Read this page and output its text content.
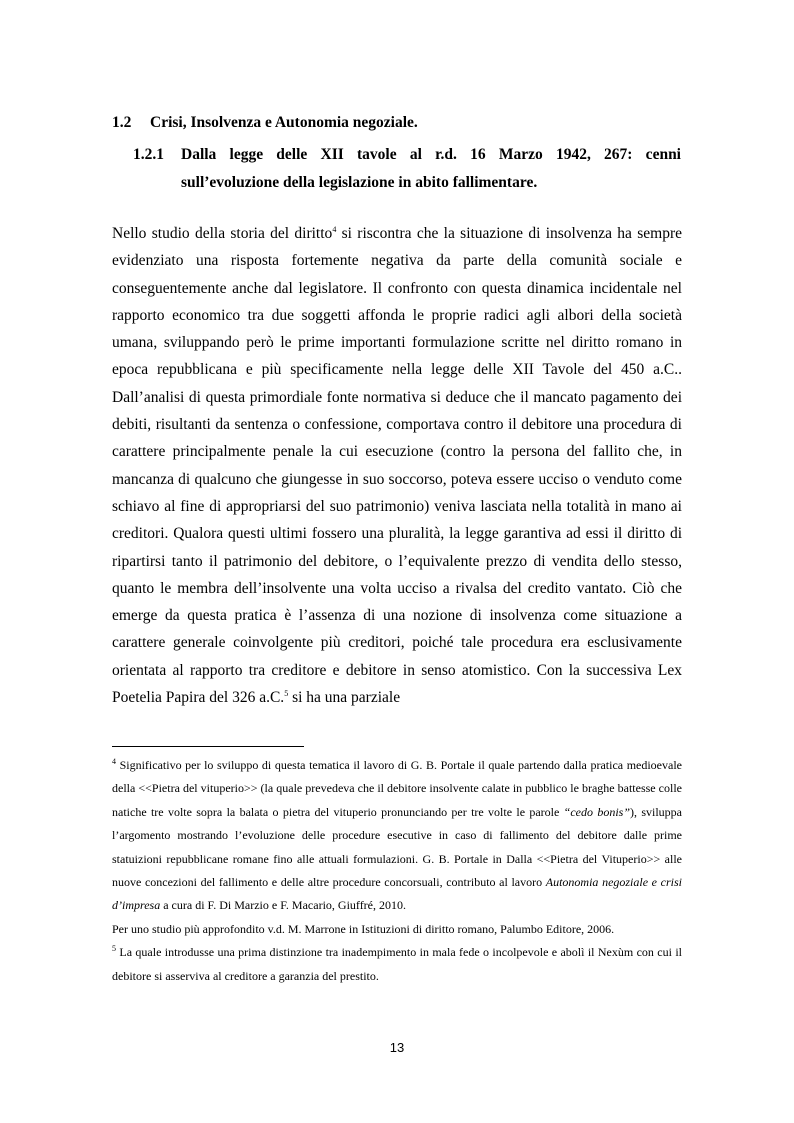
1.2 Crisi, Insolvenza e Autonomia negoziale.
1.2.1	Dalla legge delle XII tavole al r.d. 16 Marzo 1942, 267: cenni
sull’evoluzione della legislazione in abito fallimentare.

Nello studio della storia del diritto$^4$ si riscontra che la situazione di insolvenza ha sempre evidenziato una risposta fortemente negativa da parte della comunità sociale e conseguentemente anche dal legislatore. Il confronto con questa dinamica incidentale nel rapporto economico tra due soggetti affonda le proprie radici agli albori della società umana, sviluppando però le prime importanti formulazione scritte nel diritto romano in epoca repubblicana e più specificamente nella legge delle XII Tavole del 450 a.C.. Dall’analisi di questa primordiale fonte normativa si deduce che il mancato pagamento dei debiti, risultanti da sentenza o confessione, comportava contro il debitore una procedura di carattere principalmente penale la cui esecuzione (contro la persona del fallito che, in mancanza di qualcuno che giungesse in suo soccorso, poteva essere ucciso o venduto come schiavo al fine di appropriarsi del suo patrimonio) veniva lasciata nella totalità in mano ai creditori. Qualora questi ultimi fossero una pluralità, la legge garantiva ad essi il diritto di ripartirsi tanto il patrimonio del debitore, o l’equivalente prezzo di vendita dello stesso, quanto le membra dell’insolvente una volta ucciso a rivalsa del credito vantato. Ciò che emerge da questa pratica è l’assenza di una nozione di insolvenza come situazione a carattere generale coinvolgente più creditori, poiché tale procedura era esclusivamente orientata al rapporto tra creditore e debitore in senso atomistico. Con la successiva Lex Poetelia Papira del 326 a.C.$^5$ si ha una parziale

$^4$ Significativo per lo sviluppo di questa tematica il lavoro di G. B. Portale il quale partendo dalla pratica medioevale della <<Pietra del vituperio>> (la quale prevedeva che il debitore insolvente calate in pubblico le braghe battesse colle natiche tre volte sopra la balata o pietra del vituperio pronunciando per tre volte le parole “cedo bonis”), sviluppa l’argomento mostrando l’evoluzione delle procedure esecutive in caso di fallimento del debitore dalle prime statuizioni repubblicane romane fino alle attuali formulazioni. G. B. Portale in Dalla <<Pietra del Vituperio>> alle nuove concezioni del fallimento e delle altre procedure concorsuali, contributo al lavoro Autonomia negoziale e crisi d’impresa a cura di F. Di Marzio e F. Macario, Giuffré, 2010.

Per uno studio più approfondito v.d. M. Marrone in Istituzioni di diritto romano, Palumbo Editore, 2006.

$^5$ La quale introdusse una prima distinzione tra inadempimento in mala fede o incolpevole e abolì il Nexùm con cui il debitore si asserviva al creditore a garanzia del prestito.

13
